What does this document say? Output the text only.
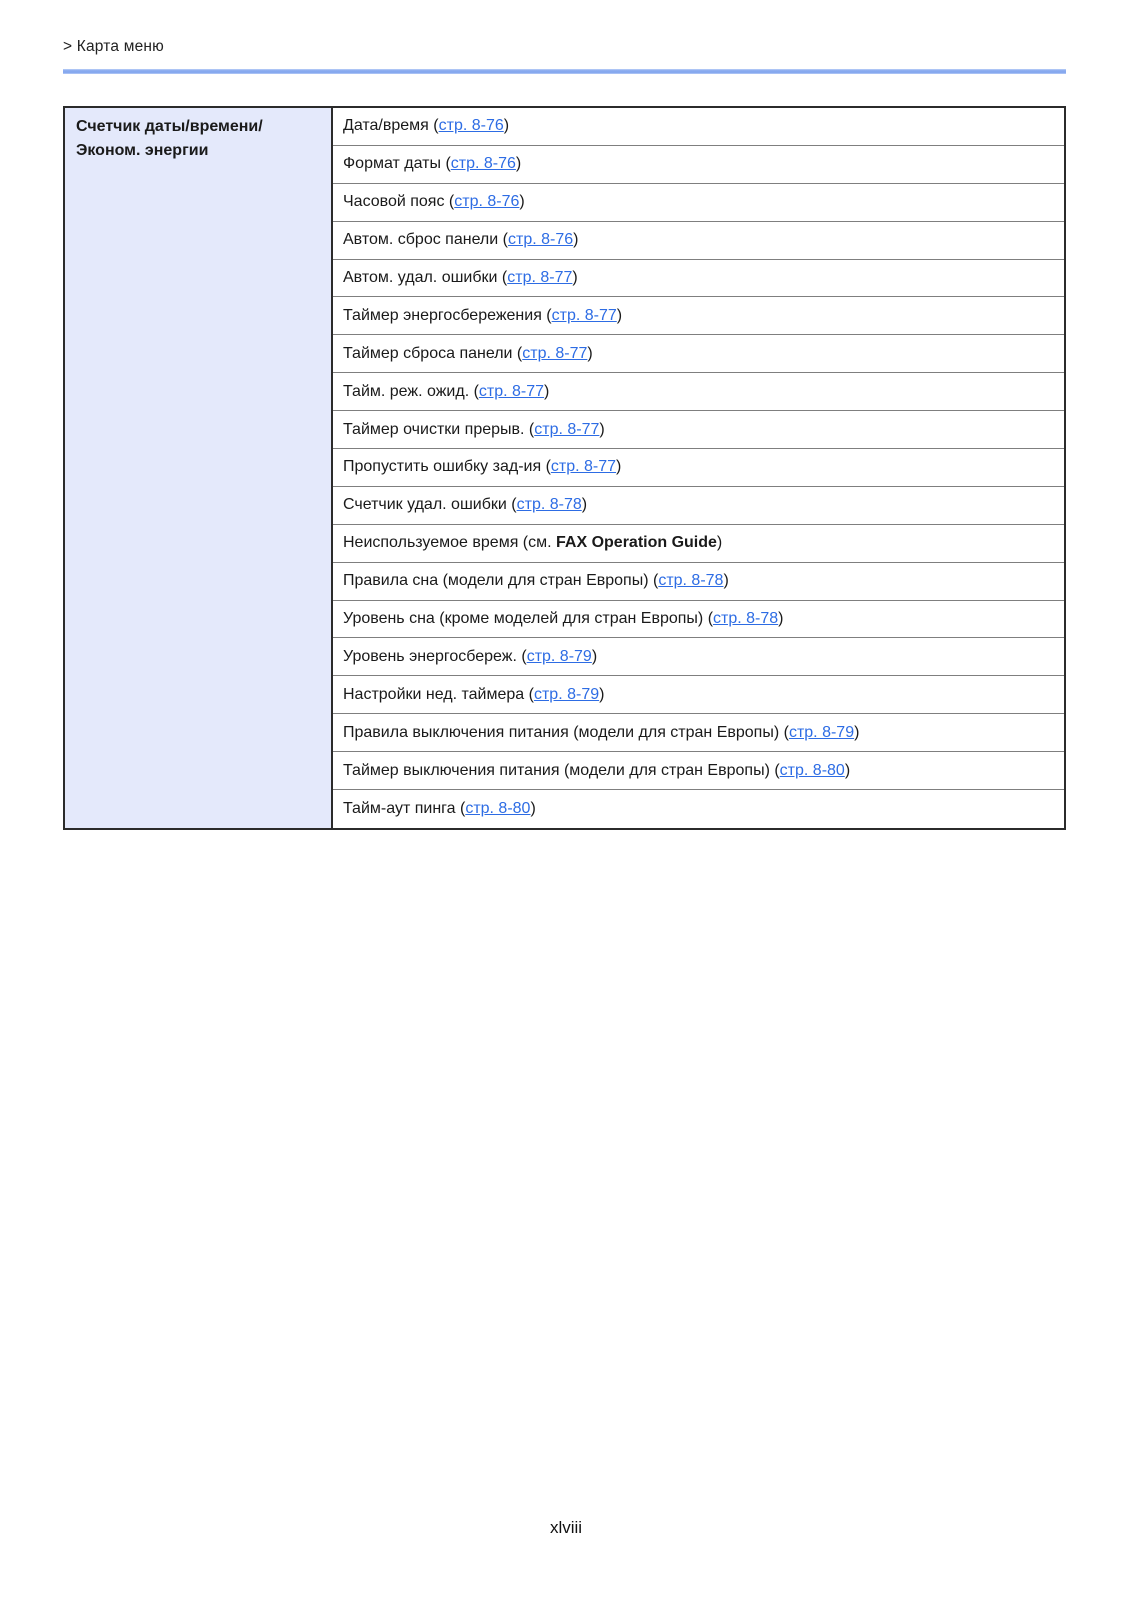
> Карта меню
Счетчик даты/времени/
Эконом. энергии
Дата/время ( стр. 8-76 )
Формат даты ( стр. 8-76 )
Часовой пояс ( стр. 8-76 )
Автом. сброс панели ( стр. 8-76 )
Автом. удал. ошибки ( стр. 8-77 )
Таймер энергосбережения ( стр. 8-77 )
Таймер сброса панели ( стр. 8-77 )
Тайм. реж. ожид. ( стр. 8-77 )
Таймер очистки прерыв. ( стр. 8-77 )
Пропустить ошибку зад-ия ( стр. 8-77 )
Счетчик удал. ошибки ( стр. 8-78 )
Неиспользуемое время (см. FAX Operation Guide )
Правила сна (модели для стран Европы) ( стр. 8-78 )
Уровень сна (кроме моделей для стран Европы) ( стр. 8-78 )
Уровень энергосбереж. ( стр. 8-79 )
Настройки нед. таймера ( стр. 8-79 )
Правила выключения питания (модели для стран Европы) ( стр. 8-79 )
Таймер выключения питания (модели для стран Европы) ( стр. 8-80 )
Тайм-аут пинга ( стр. 8-80 )
xlviii
